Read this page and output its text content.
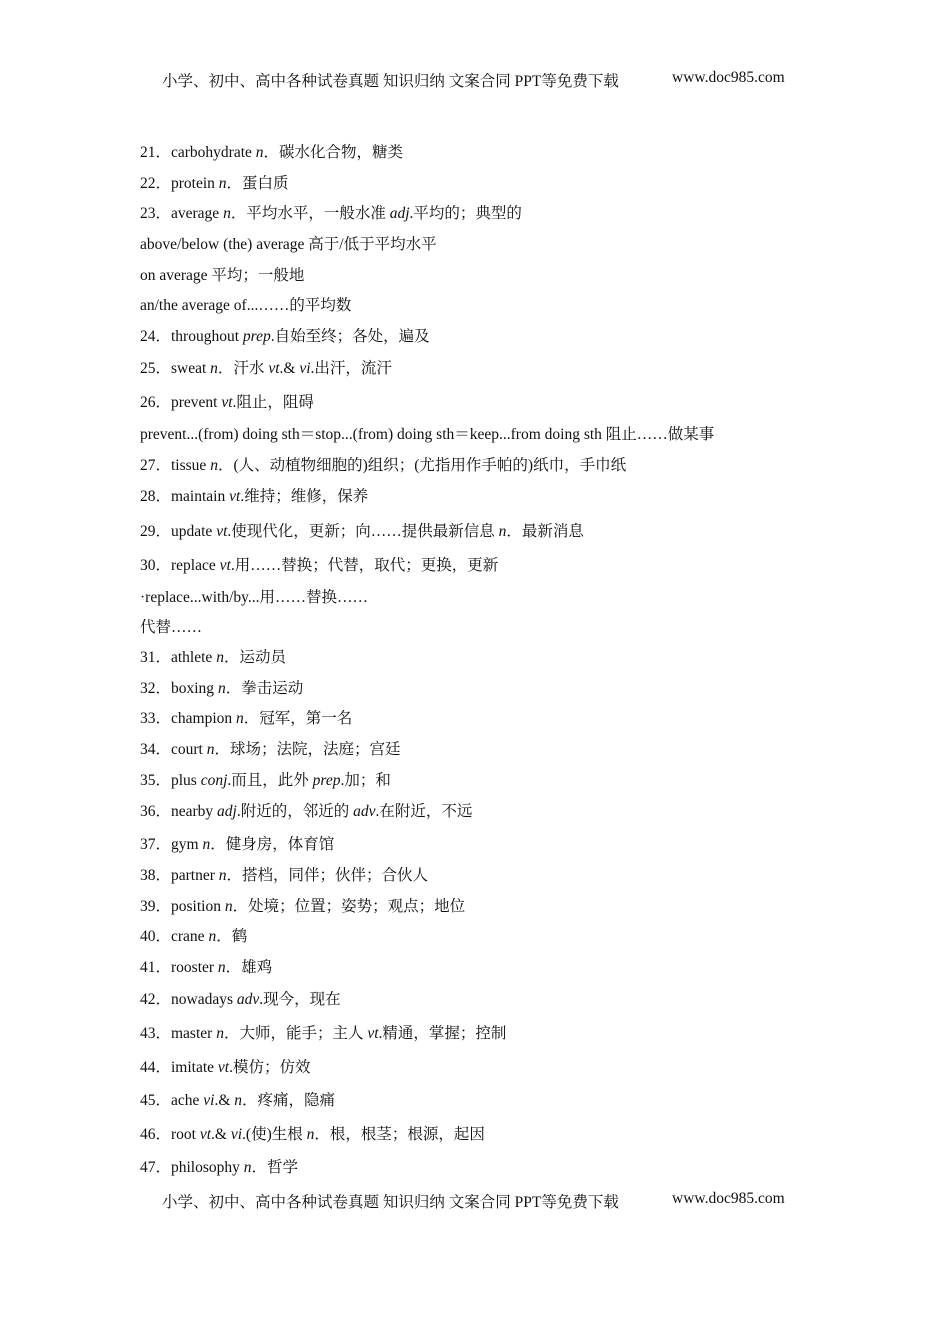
小学、初中、高中各种试卷真题 知识归纳 文案合同 PPT等免费下载	www.doc985.com
21．carbohydrate n．碳水化合物，糖类
22．protein n．蛋白质
23．average n．平均水平，一般水准 adj.平均的；典型的
above/below (the) average 高于/低于平均水平
on average 平均；一般地
an/the average of...……的平均数
24．throughout prep.自始至终；各处，遍及
25．sweat n．汗水 vt.& vi.出汗，流汗
26．prevent vt.阻止，阻碍
prevent...(from) doing sth＝stop...(from) doing sth＝keep...from doing sth 阻止……做某事
27．tissue n．(人、动植物细胞的)组织；(尤指用作手帕的)纸巾，手巾纸
28．maintain vt.维持；维修，保养
29．update vt.使现代化，更新；向……提供最新信息 n．最新消息
30．replace vt.用……替换；代替，取代；更换，更新
·replace...with/by...用……替换……
代替……
31．athlete n．运动员
32．boxing n．拳击运动
33．champion n．冠军，第一名
34．court n．球场；法院，法庭；宫廷
35．plus conj.而且，此外 prep.加；和
36．nearby adj.附近的，邻近的 adv.在附近，不远
37．gym n．健身房，体育馆
38．partner n．搭档，同伴；伙伴；合伙人
39．position n．处境；位置；姿势；观点；地位
40．crane n．鹤
41．rooster n．雄鸡
42．nowadays adv.现今，现在
43．master n．大师，能手；主人 vt.精通，掌握；控制
44．imitate vt.模仿；仿效
45．ache vi.& n．疼痛，隐痛
46．root vt.& vi.(使)生根 n．根，根茎；根源，起因
47．philosophy n．哲学
小学、初中、高中各种试卷真题 知识归纳 文案合同 PPT等免费下载	www.doc985.com
